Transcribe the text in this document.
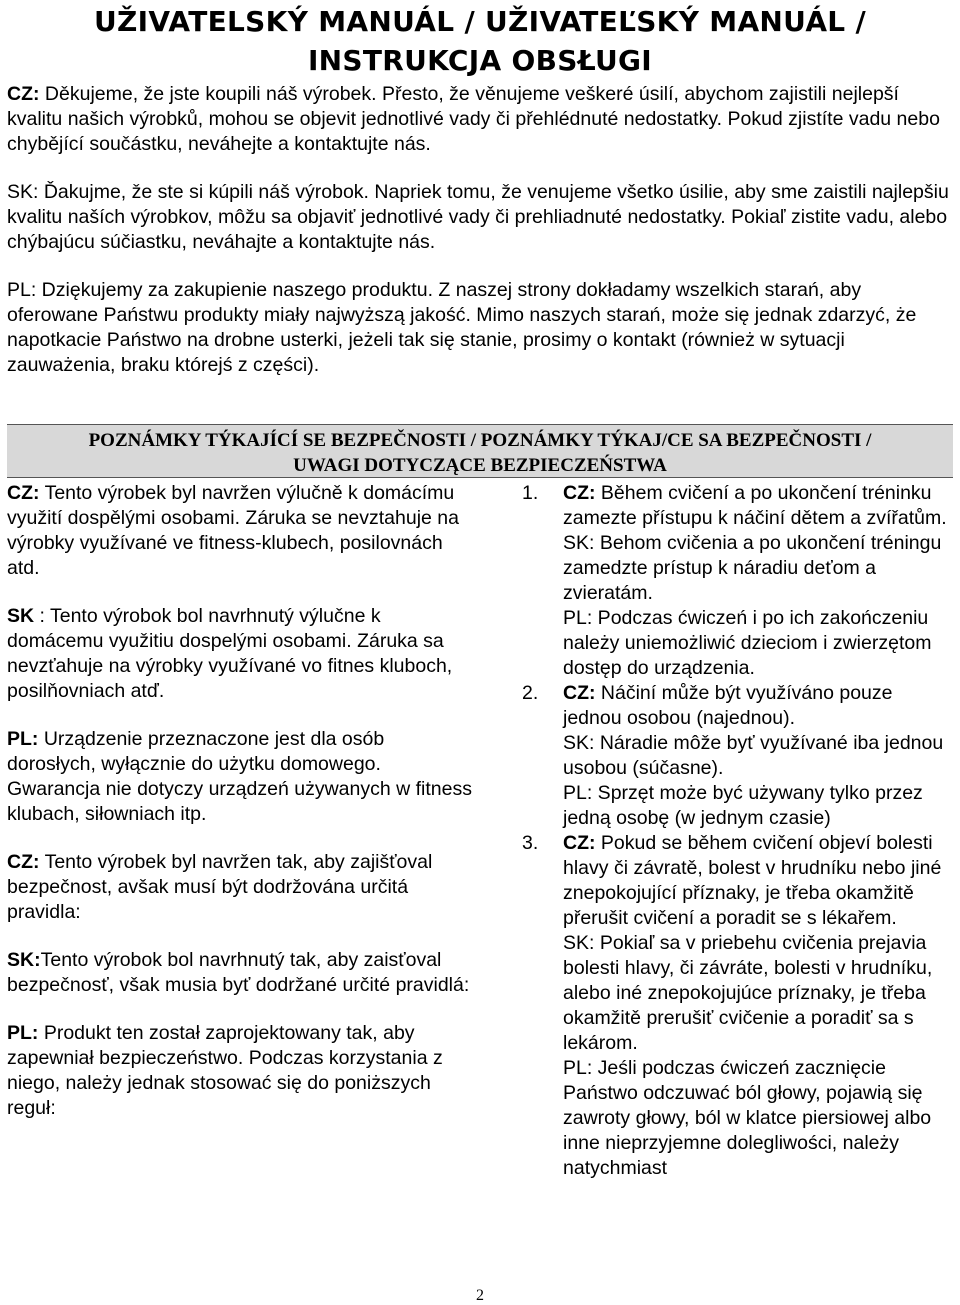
UŽIVATELSKÝ MANUÁL / UŽIVATEĽSKÝ MANUÁL /
INSTRUKCJA OBSŁUGI

CZ: Děkujeme, že jste koupili náš výrobek. Přesto, že věnujeme veškeré úsilí, abychom zajistili nejlepší kvalitu našich výrobků, mohou se objevit jednotlivé vady či přehlédnuté nedostatky. Pokud zjistíte vadu nebo chybějící součástku, neváhejte a kontaktujte nás.

SK: Ďakujme, že ste si kúpili náš výrobok. Napriek tomu, že venujeme všetko úsilie, aby sme zaistili najlepšiu kvalitu naších výrobkov, môžu sa objaviť jednotlivé vady či prehliadnuté nedostatky. Pokiaľ zistite vadu, alebo chýbajúcu súčiastku, neváhajte a kontaktujte nás.

PL: Dziękujemy za zakupienie naszego produktu. Z naszej strony dokładamy wszelkich starań, aby oferowane Państwu produkty miały najwyższą jakość. Mimo naszych starań, może się jednak zdarzyć, że napotkacie Państwo na drobne usterki, jeżeli tak się stanie, prosimy o kontakt (również w sytuacji zauważenia, braku którejś z części).

POZNÁMKY TÝKAJÍCÍ SE BEZPEČNOSTI / POZNÁMKY TÝKAJ/CE SA BEZPEČNOSTI /
UWAGI DOTYCZĄCE BEZPIECZEŃSTWA

CZ: Tento výrobek byl navržen výlučně k domácímu využití dospělými osobami. Záruka se nevztahuje na výrobky využívané ve fitness-klubech, posilovnách atd.

SK : Tento výrobok bol navrhnutý výlučne k domácemu využitiu dospelými osobami. Záruka sa nevzťahuje na výrobky využívané vo fitnes kluboch, posilňovniach atď.

PL: Urządzenie przeznaczone jest dla osób dorosłych, wyłącznie do użytku domowego. Gwarancja nie dotyczy urządzeń używanych w fitness klubach, siłowniach itp.

CZ: Tento výrobek byl navržen tak, aby zajišťoval bezpečnost, avšak musí být dodržována určitá pravidla:

SK:Tento výrobok bol navrhnutý tak, aby zaisťoval bezpečnosť, však musia byť dodržané určité pravidlá:

PL: Produkt ten został zaprojektowany tak, aby zapewniał bezpieczeństwo. Podczas korzystania z niego, należy jednak stosować się do poniższych reguł:

1.	CZ: Během cvičení a po ukončení tréninku zamezte přístupu k náčiní dětem a zvířatům.
SK: Behom cvičenia a po ukončení tréningu zamedzte prístup k náradiu deťom a zvieratám.
PL: Podczas ćwiczeń i po ich zakończeniu należy uniemożliwić dzieciom i zwierzętom dostęp do urządzenia.
2.	CZ: Náčiní může být využíváno pouze jednou osobou (najednou).
SK: Náradie môže byť využívané iba jednou usobou (súčasne).
PL: Sprzęt może być używany tylko przez jedną osobę (w jednym czasie)
3.	CZ: Pokud se během cvičení objeví bolesti hlavy či závratě, bolest v hrudníku nebo jiné znepokojující příznaky, je třeba okamžitě přerušit cvičení a poradit se s lékařem.
SK: Pokiaľ sa v priebehu cvičenia prejavia bolesti hlavy, či závráte, bolesti v hrudníku, alebo iné znepokojujúce príznaky, je třeba okamžitě prerušiť cvičenie a poradiť sa s lekárom.
PL: Jeśli podczas ćwiczeń zacznięcie Państwo odczuwać ból głowy, pojawią się zawroty głowy, ból w klatce piersiowej albo inne nieprzyjemne dolegliwości, należy natychmiast
2
